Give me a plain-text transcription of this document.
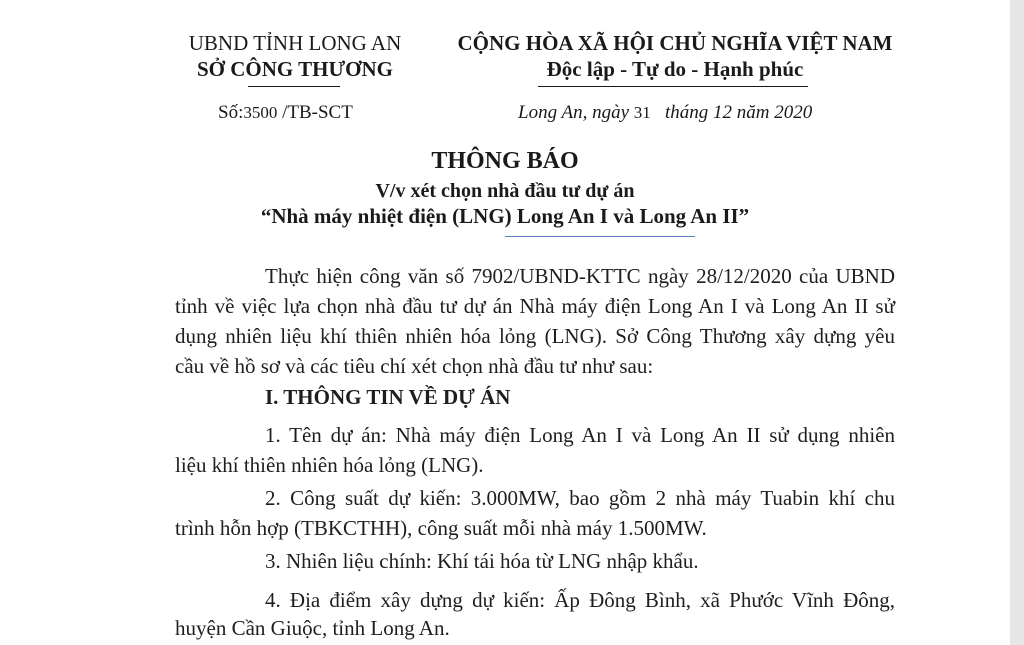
UBND TỈNH LONG AN
SỞ CÔNG THƯƠNG
CỘNG HÒA XÃ HỘI CHỦ NGHĨA VIỆT NAM
Độc lập - Tự do - Hạnh phúc
Số:3500 /TB-SCT	Long An, ngày 31   tháng 12 năm 2020
THÔNG BÁO
V/v xét chọn nhà đầu tư dự án
“Nhà máy nhiệt điện (LNG) Long An I và Long An II”
Thực hiện công văn số 7902/UBND-KTTC ngày 28/12/2020 của UBND
tỉnh về việc lựa chọn nhà đầu tư dự án Nhà máy điện Long An I và Long An II sử
dụng nhiên liệu khí thiên nhiên hóa lỏng (LNG). Sở Công Thương xây dựng yêu
cầu về hồ sơ và các tiêu chí xét chọn nhà đầu tư như sau:
I. THÔNG TIN VỀ DỰ ÁN
1. Tên dự án: Nhà máy điện Long An I và Long An II sử dụng nhiên
liệu khí thiên nhiên hóa lỏng (LNG).
2. Công suất dự kiến: 3.000MW, bao gồm 2 nhà máy Tuabin khí chu
trình hỗn hợp (TBKCTHH), công suất mỗi nhà máy 1.500MW.
3. Nhiên liệu chính: Khí tái hóa từ LNG nhập khẩu.
4. Địa điểm xây dựng dự kiến: Ấp Đông Bình, xã Phước Vĩnh Đông,
huyện Cần Giuộc, tỉnh Long An.
